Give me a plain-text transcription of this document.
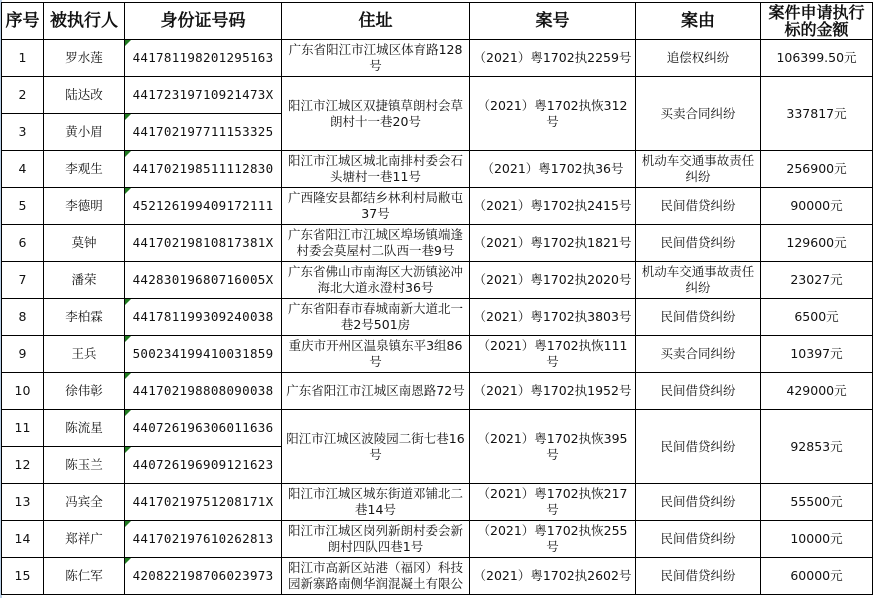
序号	被执行人	身份证号码	住址	案号	案由	案件申请执行标的金额
1	罗水莲	441781198201295163	广东省阳江市江城区体育路128号	（2021）粤1702执2259号	追偿权纠纷	106399.50元
2	陆达改	44172319710921473X	阳江市江城区双捷镇草朗村会草朗村十一巷20号	（2021）粤1702执恢312号	买卖合同纠纷	337817元
3	黄小眉	441702197711153325				
4	李观生	441702198511112830	阳江市江城区城北南排村委会石头塘村一巷11号	（2021）粤1702执36号	机动车交通事故责任纠纷	256900元
5	李德明	452126199409172111	广西隆安县都结乡林利村局敝屯37号	（2021）粤1702执2415号	民间借贷纠纷	90000元
6	莫钟	44170219810817381X	广东省阳江市江城区埠场镇端逢村委会莫屋村二队西一巷9号	（2021）粤1702执1821号	民间借贷纠纷	129600元
7	潘荣	44283019680716005X	广东省佛山市南海区大沥镇泌冲海北大道永澄村36号	（2021）粤1702执2020号	机动车交通事故责任纠纷	23027元
8	李柏霖	441781199309240038	广东省阳春市春城南新大道北一巷2号501房	（2021）粤1702执3803号	民间借贷纠纷	6500元
9	王兵	500234199410031859	重庆市开州区温泉镇东平3组86号	（2021）粤1702执恢111号	买卖合同纠纷	10397元
10	徐伟彰	441702198808090038	广东省阳江市江城区南恩路72号	（2021）粤1702执1952号	民间借贷纠纷	429000元
11	陈流星	440726196306011636	阳江市江城区波陵园二街七巷16号	（2021）粤1702执恢395号	民间借贷纠纷	92853元
12	陈玉兰	440726196909121623				
13	冯宾全	44170219751208171X	阳江市江城区城东街道邓铺北二巷14号	（2021）粤1702执恢217号	民间借贷纠纷	55500元
14	郑祥广	441702197610262813	阳江市江城区岗列新朗村委会新朗村四队四巷1号	（2021）粤1702执恢255号	民间借贷纠纷	10000元
15	陈仁军	420822198706023973	阳江市高新区站港（福冈）科技园新寨路南侧华润混凝土有限公	（2021）粤1702执2602号	民间借贷纠纷	60000元
